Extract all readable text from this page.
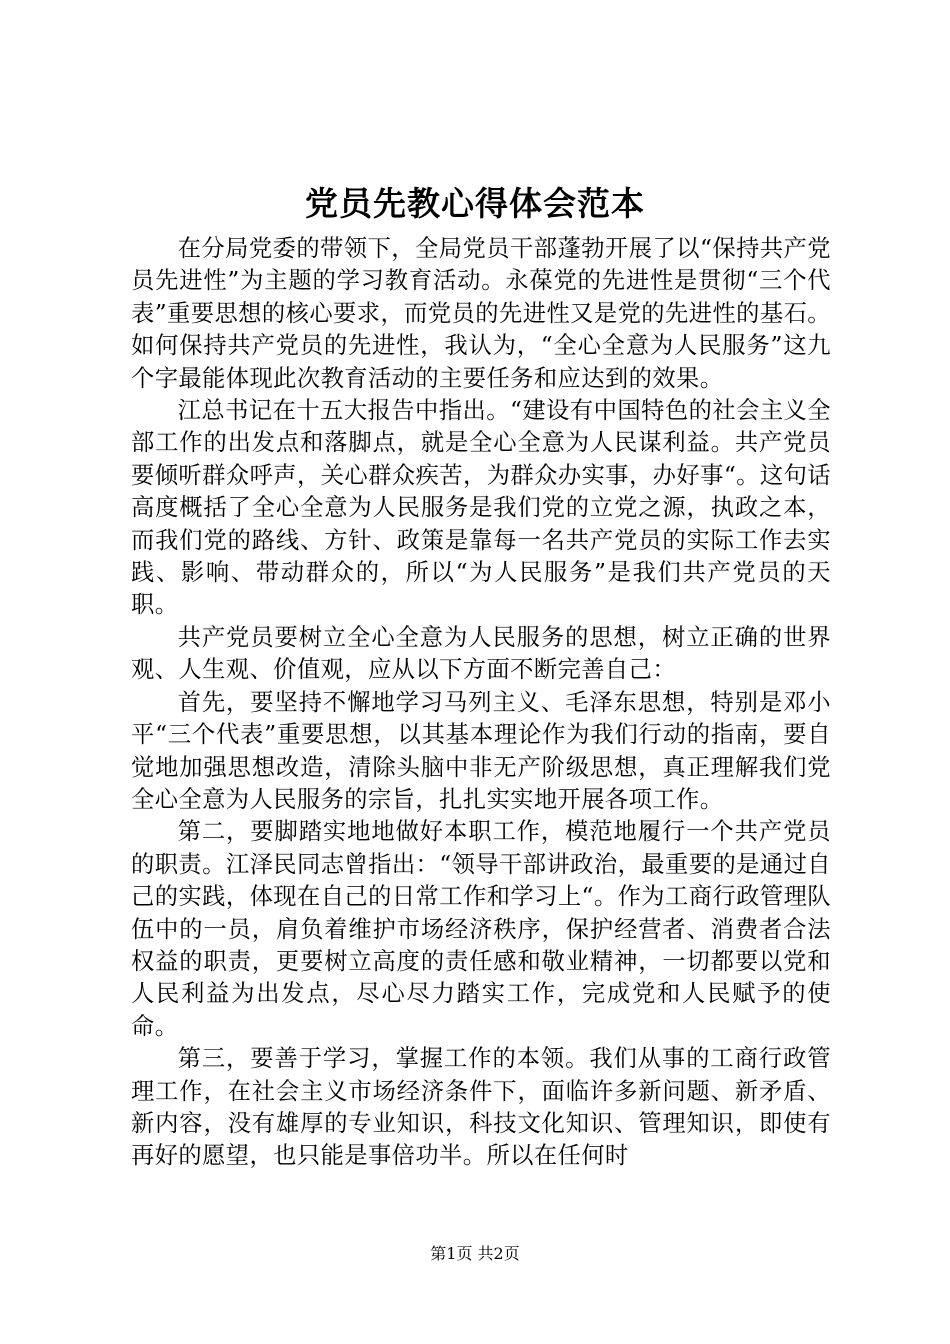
党员先教心得体会范本

在分局党委的带领下，全局党员干部蓬勃开展了以“保持共产党员先进性”为主题的学习教育活动。永葆党的先进性是贯彻“三个代表”重要思想的核心要求，而党员的先进性又是党的先进性的基石。如何保持共产党员的先进性，我认为，“全心全意为人民服务”这九个字最能体现此次教育活动的主要任务和应达到的效果。

江总书记在十五大报告中指出。“建设有中国特色的社会主义全部工作的出发点和落脚点，就是全心全意为人民谋利益。共产党员要倾听群众呼声，关心群众疾苦，为群众办实事，办好事“。这句话高度概括了全心全意为人民服务是我们党的立党之源，执政之本，而我们党的路线、方针、政策是靠每一名共产党员的实际工作去实践、影响、带动群众的，所以“为人民服务”是我们共产党员的天职。

共产党员要树立全心全意为人民服务的思想，树立正确的世界观、人生观、价值观，应从以下方面不断完善自己：

首先，要坚持不懈地学习马列主义、毛泽东思想，特别是邓小平“三个代表”重要思想，以其基本理论作为我们行动的指南，要自觉地加强思想改造，清除头脑中非无产阶级思想，真正理解我们党全心全意为人民服务的宗旨，扎扎实实地开展各项工作。

第二，要脚踏实地地做好本职工作，模范地履行一个共产党员的职责。江泽民同志曾指出：“领导干部讲政治，最重要的是通过自己的实践，体现在自己的日常工作和学习上“。作为工商行政管理队伍中的一员，肩负着维护市场经济秩序，保护经营者、消费者合法权益的职责，更要树立高度的责任感和敬业精神，一切都要以党和人民利益为出发点，尽心尽力踏实工作，完成党和人民赋予的使命。

第三，要善于学习，掌握工作的本领。我们从事的工商行政管理工作，在社会主义市场经济条件下，面临许多新问题、新矛盾、新内容，没有雄厚的专业知识，科技文化知识、管理知识，即使有再好的愿望，也只能是事倍功半。所以在任何时

第1页 共2页
